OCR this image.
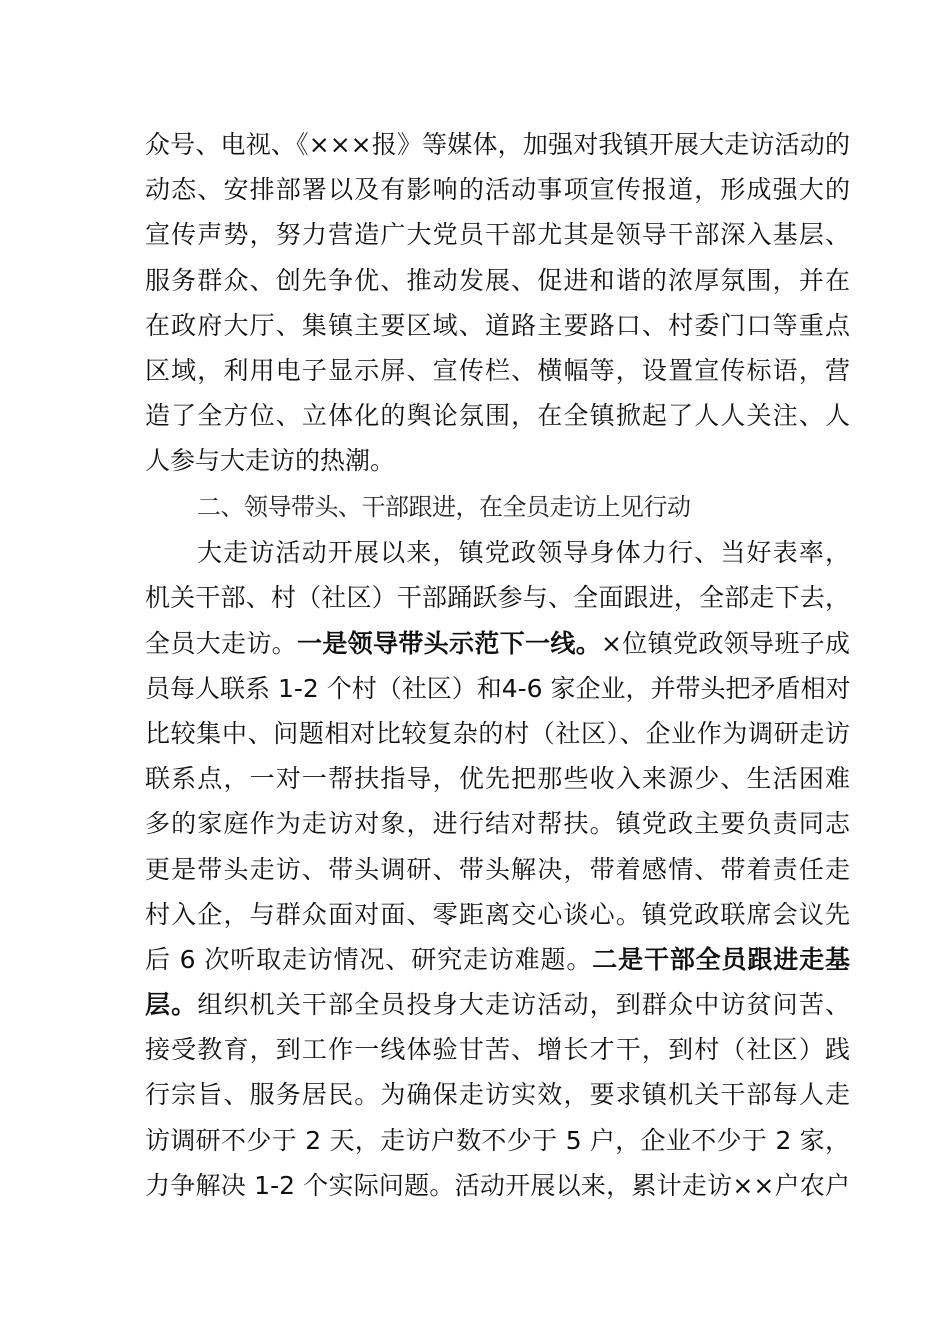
众号、电视、《×××报》等媒体，加强对我镇开展大走访活动的
动态、安排部署以及有影响的活动事项宣传报道，形成强大的
宣传声势，努力营造广大党员干部尤其是领导干部深入基层、
服务群众、创先争优、推动发展、促进和谐的浓厚氛围，并在
在政府大厅、集镇主要区域、道路主要路口、村委门口等重点
区域，利用电子显示屏、宣传栏、横幅等，设置宣传标语，营
造了全方位、立体化的舆论氛围，在全镇掀起了人人关注、人
人参与大走访的热潮。
二、领导带头、干部跟进，在全员走访上见行动
大走访活动开展以来，镇党政领导身体力行、当好表率，
机关干部、村（社区）干部踊跃参与、全面跟进，全部走下去，
全员大走访。一是领导带头示范下一线。×位镇党政领导班子成
员每人联系 1-2 个村（社区）和4-6 家企业，并带头把矛盾相对
比较集中、问题相对比较复杂的村（社区）、企业作为调研走访
联系点，一对一帮扶指导，优先把那些收入来源少、生活困难
多的家庭作为走访对象，进行结对帮扶。镇党政主要负责同志
更是带头走访、带头调研、带头解决，带着感情、带着责任走
村入企，与群众面对面、零距离交心谈心。镇党政联席会议先
后 6 次听取走访情况、研究走访难题。二是干部全员跟进走基
层。组织机关干部全员投身大走访活动，到群众中访贫问苦、
接受教育，到工作一线体验甘苦、增长才干，到村（社区）践
行宗旨、服务居民。为确保走访实效，要求镇机关干部每人走
访调研不少于 2 天，走访户数不少于 5 户，企业不少于 2 家，
力争解决 1-2 个实际问题。活动开展以来，累计走访××户农户
